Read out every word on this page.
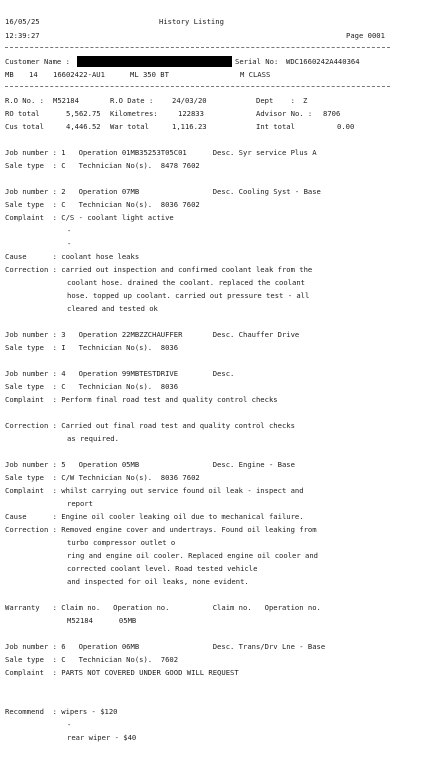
16/05/25	History Listing
12:39:27	Page 0001
Customer Name :	Serial No: WDC1660242A440364
MB 14 16602422-AU1	ML 350 BT	M CLASS
R.O No. : M52184	R.O Date :	24/03/20	Dept    : Z
RO total	5,562.75 Kilometres:	122833	Advisor No. : 8706
Cus total	4,446.52 War total	1,116.23	Int total	0.00
Job number : 1   Operation 01MB35253T05C01      Desc. Syr service Plus A
Sale type  : C   Technician No(s).  8478 7602
Job number : 2   Operation 07MB                 Desc. Cooling Syst - Base
Sale type  : C   Technician No(s).  8036 7602
Complaint  : C/S - coolant light active
-
-
Cause      : coolant hose leaks
Correction : carried out inspection and confirmed coolant leak from the
coolant hose. drained the coolant. replaced the coolant
hose. topped up coolant. carried out pressure test - all
cleared and tested ok
Job number : 3   Operation 22MBZZCHAUFFER       Desc. Chauffer Drive
Sale type  : I   Technician No(s).  8036
Job number : 4   Operation 99MBTESTDRIVE        Desc.
Sale type  : C   Technician No(s).  8036
Complaint  : Perform final road test and quality control checks
Correction : Carried out final road test and quality control checks
as required.
Job number : 5   Operation 05MB                 Desc. Engine - Base
Sale type  : C/W Technician No(s).  8036 7602
Complaint  : whilst carrying out service found oil leak - inspect and
report
Cause      : Engine oil cooler leaking oil due to mechanical failure.
Correction : Removed engine cover and undertrays. Found oil leaking from
turbo compressor outlet o
ring and engine oil cooler. Replaced engine oil cooler and
corrected coolant level. Road tested vehicle
and inspected for oil leaks, none evident.
Warranty   : Claim no.   Operation no.          Claim no.   Operation no.
M52184      05MB
Job number : 6   Operation 06MB                 Desc. Trans/Drv Lne - Base
Sale type  : C   Technician No(s).  7602
Complaint  : PARTS NOT COVERED UNDER GOOD WILL REQUEST
Recommend  : wipers - $120
-
rear wiper - $40
